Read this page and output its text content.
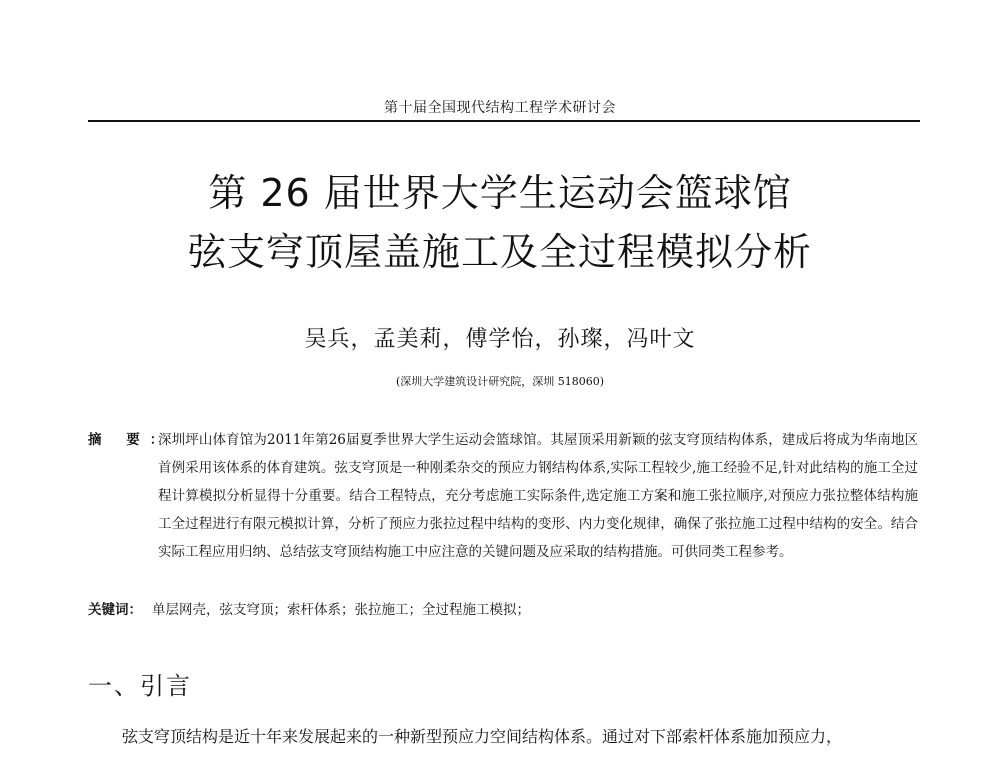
第十届全国现代结构工程学术研讨会
第 26 届世界大学生运动会篮球馆
弦支穹顶屋盖施工及全过程模拟分析
吴兵，孟美莉，傅学怡，孙璨，冯叶文
(深圳大学建筑设计研究院，深圳 518060)
摘 要：
深圳坪山体育馆为2011年第26届夏季世界大学生运动会篮球馆。其屋顶采用新颖的弦支穹顶结构体系，建成后将成为华南地区首例采用该体系的体育建筑。弦支穹顶是一种刚柔杂交的预应力钢结构体系,实际工程较少,施工经验不足,针对此结构的施工全过程计算模拟分析显得十分重要。结合工程特点，充分考虑施工实际条件,选定施工方案和施工张拉顺序,对预应力张拉整体结构施工全过程进行有限元模拟计算，分析了预应力张拉过程中结构的变形、内力变化规律，确保了张拉施工过程中结构的安全。结合实际工程应用归纳、总结弦支穹顶结构施工中应注意的关键问题及应采取的结构措施。可供同类工程参考。
关键词： 单层网壳，弦支穹顶；索杆体系；张拉施工；全过程施工模拟；
一、引言
弦支穹顶结构是近十年来发展起来的一种新型预应力空间结构体系。通过对下部索杆体系施加预应力，
